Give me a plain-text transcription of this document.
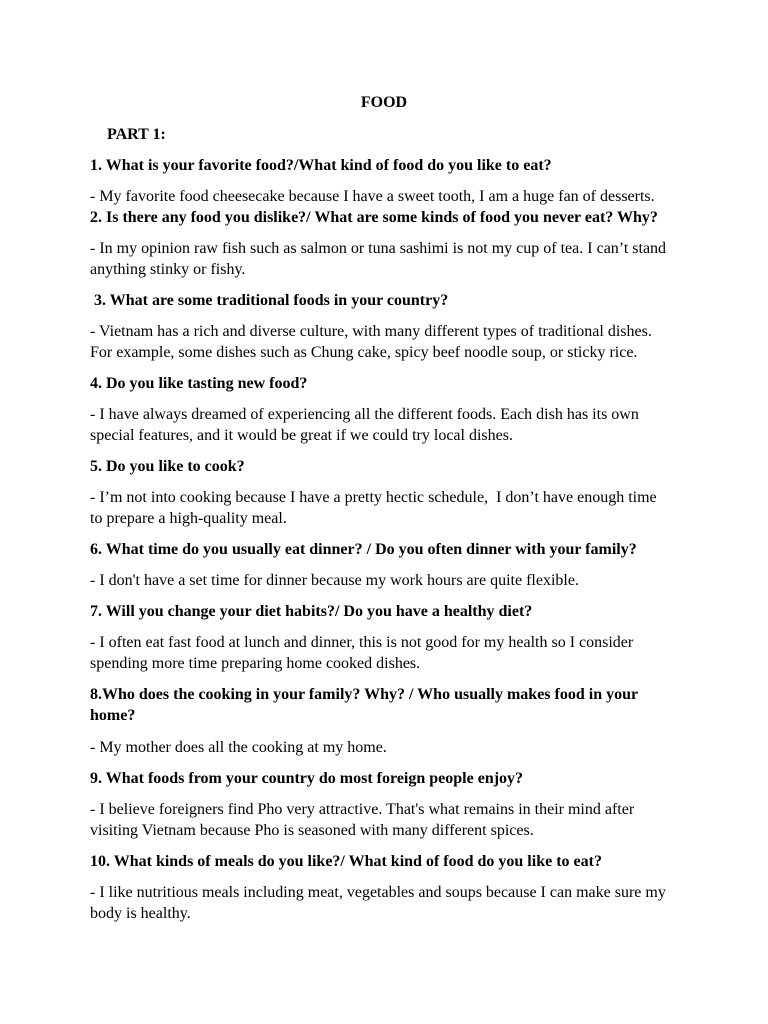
FOOD
PART 1:
1. What is your favorite food?/What kind of food do you like to eat?
- My favorite food cheesecake because I have a sweet tooth, I am a huge fan of desserts.
2. Is there any food you dislike?/ What are some kinds of food you never eat? Why?
- In my opinion raw fish such as salmon or tuna sashimi is not my cup of tea. I can’t stand
anything stinky or fishy.
3. What are some traditional foods in your country?
- Vietnam has a rich and diverse culture, with many different types of traditional dishes.
For example, some dishes such as Chung cake, spicy beef noodle soup, or sticky rice.
4. Do you like tasting new food?
- I have always dreamed of experiencing all the different foods. Each dish has its own
special features, and it would be great if we could try local dishes.
5. Do you like to cook?
- I’m not into cooking because I have a pretty hectic schedule,  I don’t have enough time
to prepare a high-quality meal.
6. What time do you usually eat dinner? / Do you often dinner with your family?
- I don't have a set time for dinner because my work hours are quite flexible.
7. Will you change your diet habits?/ Do you have a healthy diet?
- I often eat fast food at lunch and dinner, this is not good for my health so I consider
spending more time preparing home cooked dishes.
8.Who does the cooking in your family? Why? / Who usually makes food in your
home?
- My mother does all the cooking at my home.
9. What foods from your country do most foreign people enjoy?
- I believe foreigners find Pho very attractive. That's what remains in their mind after
visiting Vietnam because Pho is seasoned with many different spices.
10. What kinds of meals do you like?/ What kind of food do you like to eat?
- I like nutritious meals including meat, vegetables and soups because I can make sure my
body is healthy.
